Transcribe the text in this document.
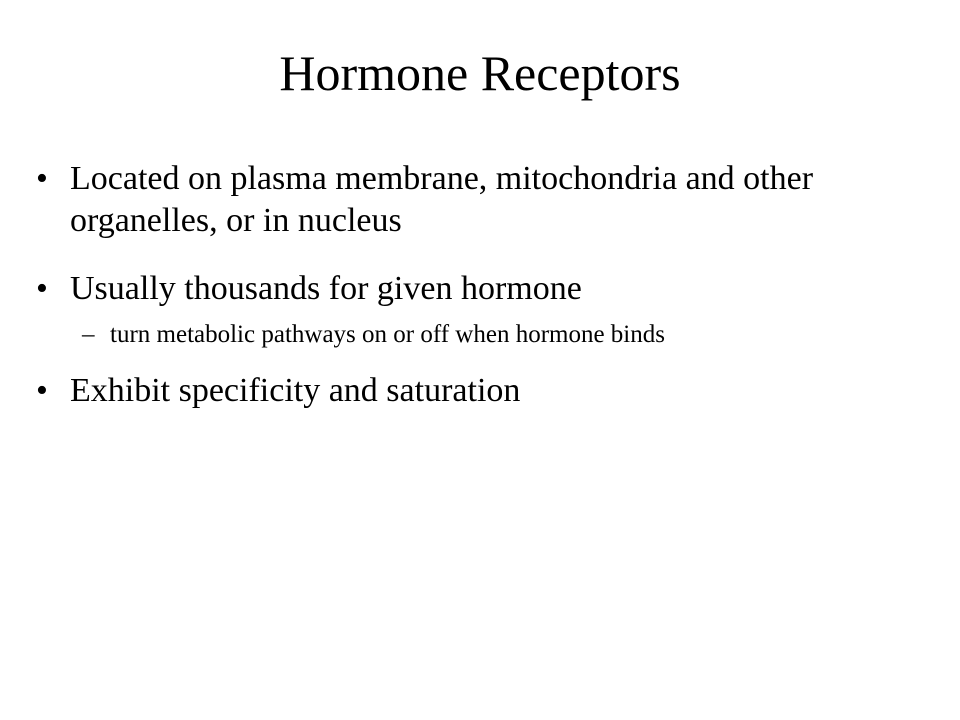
Hormone Receptors
• Located on plasma membrane, mitochondria and other organelles, or in nucleus
• Usually thousands for given hormone
– turn metabolic pathways on or off when hormone binds
• Exhibit specificity and saturation
